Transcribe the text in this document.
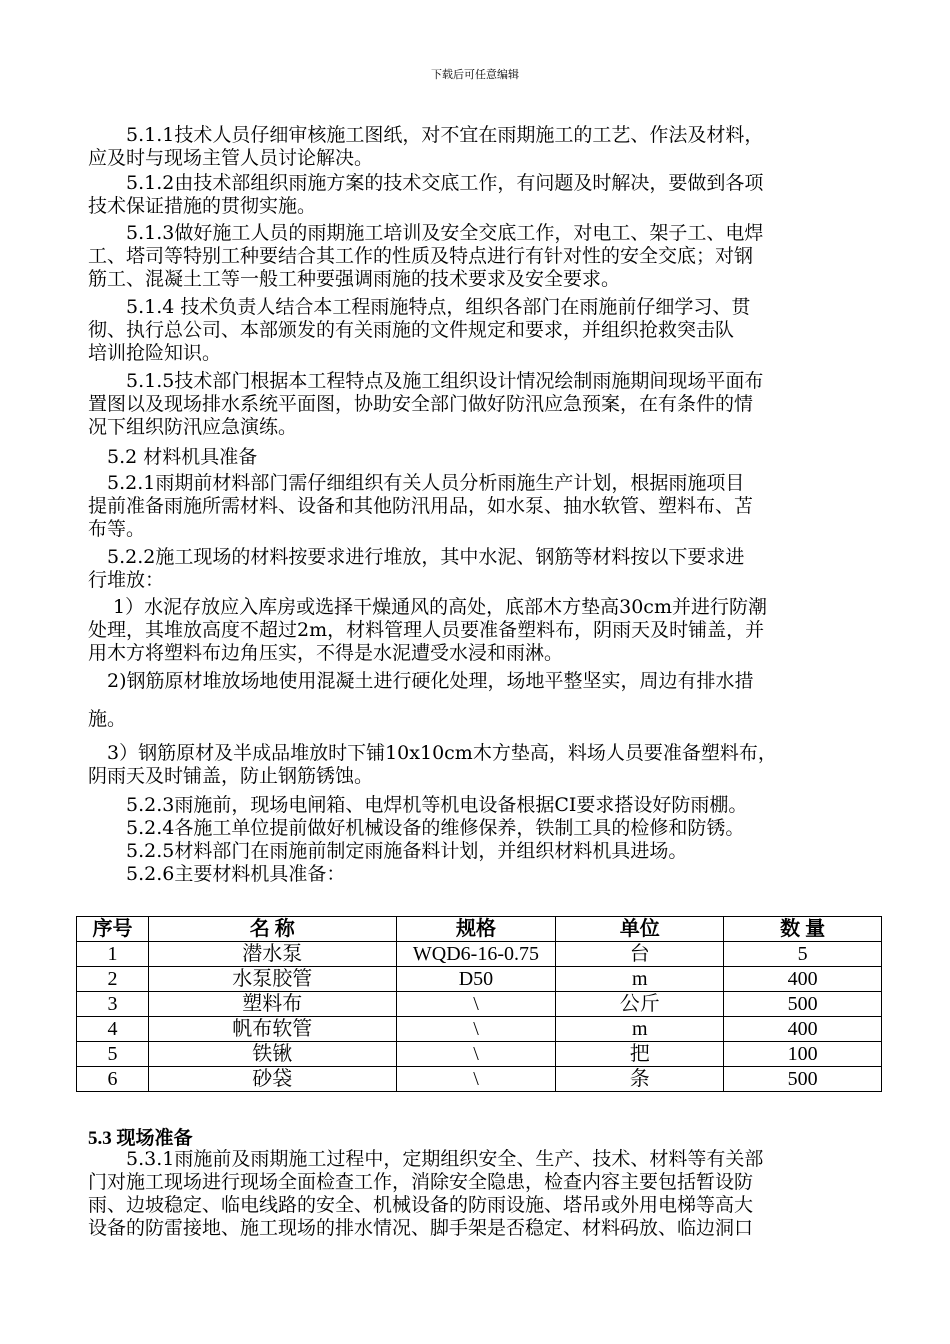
下载后可任意编辑
　　5.1.1技术人员仔细审核施工图纸，对不宜在雨期施工的工艺、作法及材料，
应及时与现场主管人员讨论解决。
　　5.1.2由技术部组织雨施方案的技术交底工作，有问题及时解决，要做到各项
技术保证措施的贯彻实施。
　　5.1.3做好施工人员的雨期施工培训及安全交底工作，对电工、架子工、电焊
工、塔司等特别工种要结合其工作的性质及特点进行有针对性的安全交底；对钢
筋工、混凝土工等一般工种要强调雨施的技术要求及安全要求。
　　5.1.4 技术负责人结合本工程雨施特点，组织各部门在雨施前仔细学习、贯
彻、执行总公司、本部颁发的有关雨施的文件规定和要求，并组织抢救突击队
培训抢险知识。
　　5.1.5技术部门根据本工程特点及施工组织设计情况绘制雨施期间现场平面布
置图以及现场排水系统平面图，协助安全部门做好防汛应急预案，在有条件的情
况下组织防汛应急演练。
　5.2 材料机具准备
　5.2.1雨期前材料部门需仔细组织有关人员分析雨施生产计划，根据雨施项目
提前准备雨施所需材料、设备和其他防汛用品，如水泵、抽水软管、塑料布、苫
布等。
　5.2.2施工现场的材料按要求进行堆放，其中水泥、钢筋等材料按以下要求进
行堆放：
　 1）水泥存放应入库房或选择干燥通风的高处，底部木方垫高30cm并进行防潮
处理，其堆放高度不超过2m，材料管理人员要准备塑料布，阴雨天及时铺盖，并
用木方将塑料布边角压实，不得是水泥遭受水浸和雨淋。
　2)钢筋原材堆放场地使用混凝土进行硬化处理，场地平整坚实，周边有排水措
施。
　3）钢筋原材及半成品堆放时下铺10x10cm木方垫高，料场人员要准备塑料布，
阴雨天及时铺盖，防止钢筋锈蚀。
　　5.2.3雨施前，现场电闸箱、电焊机等机电设备根据CI要求搭设好防雨棚。
　　5.2.4各施工单位提前做好机械设备的维修保养，铁制工具的检修和防锈。
　　5.2.5材料部门在雨施前制定雨施备料计划，并组织材料机具进场。
　　5.2.6主要材料机具准备：
序号	名 称	规格	单位	数 量
1	潜水泵	WQD6-16-0.75	台	5
2	水泵胶管	D50	m	400
3	塑料布	\	公斤	500
4	帆布软管	\	m	400
5	铁锹	\	把	100
6	砂袋	\	条	500
5.3 现场准备
　　5.3.1雨施前及雨期施工过程中，定期组织安全、生产、技术、材料等有关部
门对施工现场进行现场全面检查工作，消除安全隐患，检查内容主要包括暂设防
雨、边坡稳定、临电线路的安全、机械设备的防雨设施、塔吊或外用电梯等高大
设备的防雷接地、施工现场的排水情况、脚手架是否稳定、材料码放、临边洞口
